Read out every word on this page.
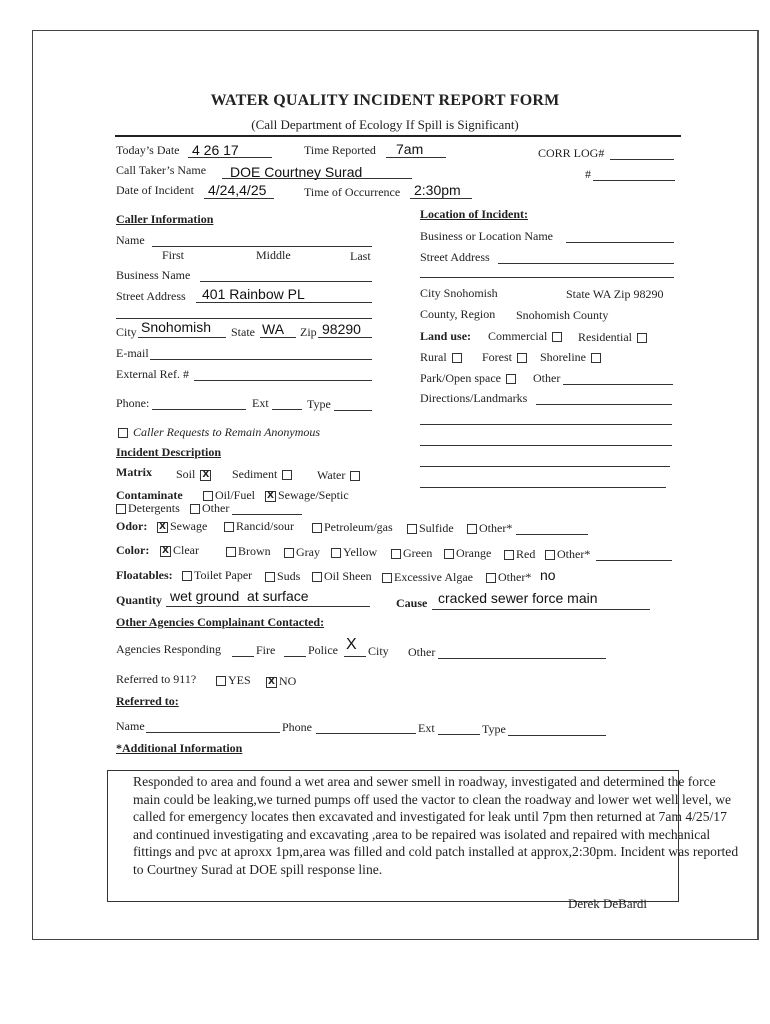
WATER QUALITY INCIDENT REPORT FORM
(Call Department of Ecology If Spill is Significant)
Today’s Date 4 26 17	Time Reported 7am	CORR LOG#
Call Taker’s Name DOE Courtney Surad	#
Date of Incident 4/24,4/25	Time of Occurrence 2:30pm
Caller Information
Name
First	Middle	Last
Business Name
Street Address 401 Rainbow PL
City Snohomish State WA Zip 98290
E-mail
External Ref. #
Phone:	Ext	Type
Caller Requests to Remain Anonymous
Location of Incident:
Business or Location Name
Street Address
City Snohomish	State WA Zip 98290
County, Region Snohomish County
Land use: Commercial	Residential
Rural	Forest	Shoreline
Park/Open space	Other
Directions/Landmarks
Incident Description
Matrix Soil X	Sediment	Water
Contaminate	Oil/Fuel	X Sewage/Septic
Detergents	Other
Odor:	X Sewage	Rancid/sour	Petroleum/gas	Sulfide	Other*
Color:	X Clear	Brown	Gray	Yellow	Green	Orange	Red	Other*
Floatables:	Toilet Paper	Suds	Oil Sheen	Excessive Algae	Other* no
Quantity wet ground  at surface	Cause cracked sewer force main
Other Agencies Complainant Contacted:
Agencies Responding	Fire	Police X City Other
Referred to 911?	YES	X NO
Referred to:
Name	Phone	Ext	Type
*Additional Information
Responded to area and found a wet area and sewer smell in roadway, investigated and determined the force main could be leaking,we turned pumps off used the vactor to clean the roadway and lower wet well level, we called for emergency locates then excavated and investigated for leak until 7pm then returned at 7am 4/25/17 and continued investigating and excavating ,area to be repaired was isolated and repaired with mechanical fittings and pvc at aproxx 1pm,area was filled and cold patch installed at approx,2:30pm. Incident was reported to Courtney Surad at DOE spill response line.
Derek DeBardi
